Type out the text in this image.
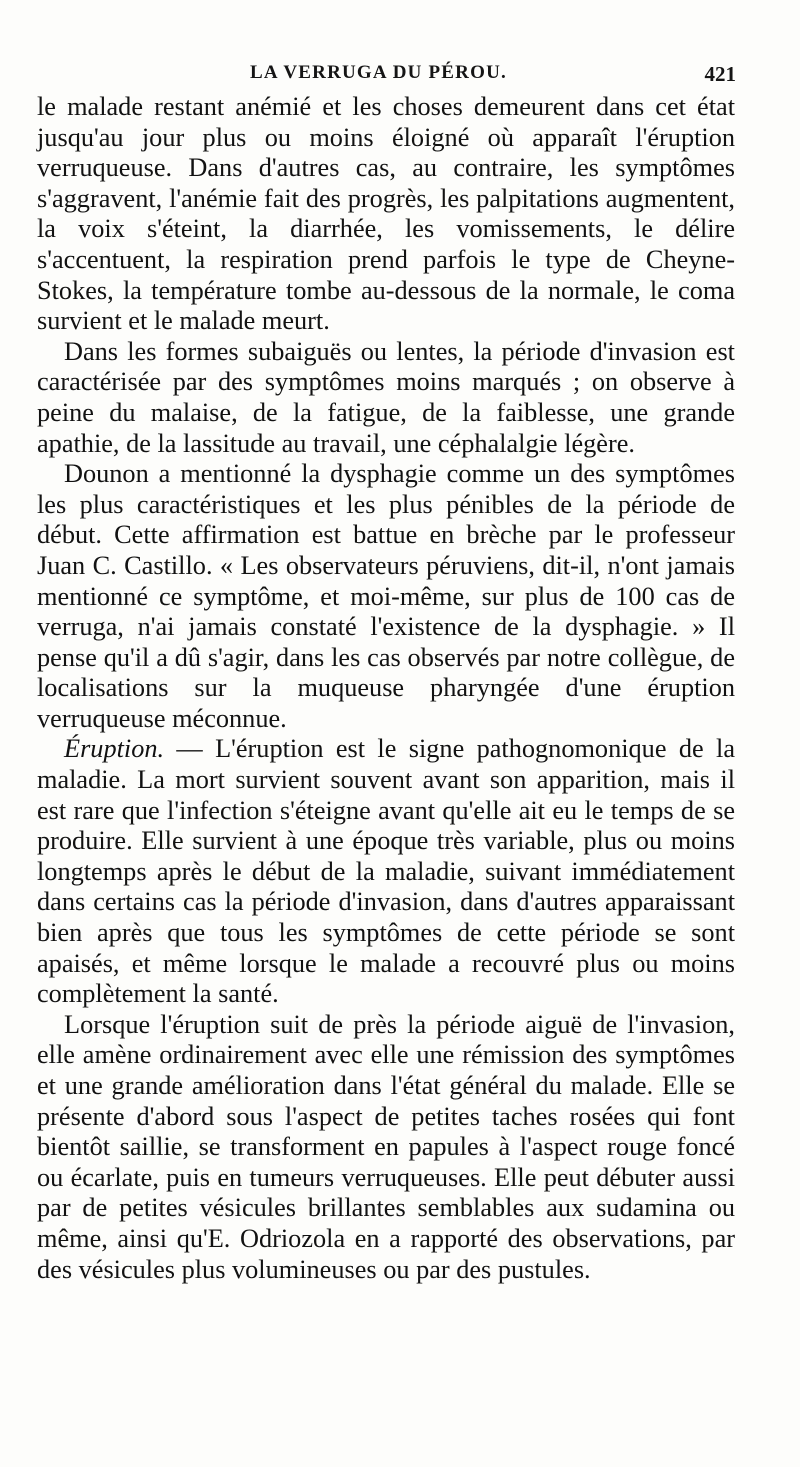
LA VERRUGA DU PÉROU.	421

le malade restant anémié et les choses demeurent dans cet état jusqu'au jour plus ou moins éloigné où apparaît l'éruption verruqueuse. Dans d'autres cas, au contraire, les symptômes s'aggravent, l'anémie fait des progrès, les palpitations augmentent, la voix s'éteint, la diarrhée, les vomissements, le délire s'accentuent, la respiration prend parfois le type de Cheyne-Stokes, la température tombe au-dessous de la normale, le coma survient et le malade meurt.

Dans les formes subaiguës ou lentes, la période d'invasion est caractérisée par des symptômes moins marqués ; on observe à peine du malaise, de la fatigue, de la faiblesse, une grande apathie, de la lassitude au travail, une céphalalgie légère.

Dounon a mentionné la dysphagie comme un des symptômes les plus caractéristiques et les plus pénibles de la période de début. Cette affirmation est battue en brèche par le professeur Juan C. Castillo. « Les observateurs péruviens, dit-il, n'ont jamais mentionné ce symptôme, et moi-même, sur plus de 100 cas de verruga, n'ai jamais constaté l'existence de la dysphagie. » Il pense qu'il a dû s'agir, dans les cas observés par notre collègue, de localisations sur la muqueuse pharyngée d'une éruption verruqueuse méconnue.

Éruption. — L'éruption est le signe pathognomonique de la maladie. La mort survient souvent avant son apparition, mais il est rare que l'infection s'éteigne avant qu'elle ait eu le temps de se produire. Elle survient à une époque très variable, plus ou moins longtemps après le début de la maladie, suivant immédiatement dans certains cas la période d'invasion, dans d'autres apparaissant bien après que tous les symptômes de cette période se sont apaisés, et même lorsque le malade a recouvré plus ou moins complètement la santé.

Lorsque l'éruption suit de près la période aiguë de l'invasion, elle amène ordinairement avec elle une rémission des symptômes et une grande amélioration dans l'état général du malade. Elle se présente d'abord sous l'aspect de petites taches rosées qui font bientôt saillie, se transforment en papules à l'aspect rouge foncé ou écarlate, puis en tumeurs verruqueuses. Elle peut débuter aussi par de petites vésicules brillantes semblables aux sudamina ou même, ainsi qu'E. Odriozola en a rapporté des observations, par des vésicules plus volumineuses ou par des pustules.
